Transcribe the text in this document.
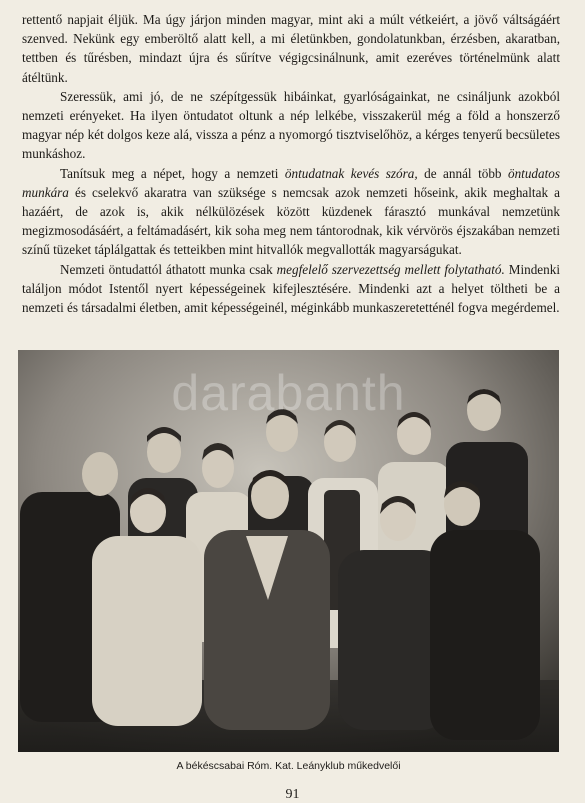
rettentő napjait éljük. Ma úgy járjon minden magyar, mint aki a múlt vétkeiért, a jövő váltságáért szenved. Nekünk egy emberöltő alatt kell, a mi életünkben, gondolatunkban, érzésben, akaratban, tettben és tűrésben, mindazt újra és sűrítve végigcsinálnunk, amit ezeréves történelmünk alatt átéltünk.

Szeressük, ami jó, de ne szépítgessük hibáinkat, gyarlóságainkat, ne csináljunk azokból nemzeti erényeket. Ha ilyen öntudatot oltunk a nép lelkébe, visszakerül még a föld a honszerző magyar nép két dolgos keze alá, vissza a pénz a nyomorgó tisztviselőhöz, a kérges tenyerű becsületes munkáshoz.

Tanítsuk meg a népet, hogy a nemzeti öntudatnak kevés szóra, de annál több öntudatos munkára és cselekvő akaratra van szüksége s nemcsak azok nemzeti hőseink, akik meghaltak a hazáért, de azok is, akik nélkülözések között küzdenek fárasztó munkával nemzetünk megizmosodásáért, a feltámadásért, kik soha meg nem tántorodnak, kik vérvörös éjszakában nemzeti színű tüzeket táplálgattak és tetteikben mint hitvallók megvallották magyarságukat.

Nemzeti öntudattól áthatott munka csak megfelelő szervezettség mellett folytatható. Mindenki találjon módot Istentől nyert képességeinek kifejlesztésére. Mindenki azt a helyet töltheti be a nemzeti és társadalmi életben, amit képességeinél, méginkább munkaszeretetténél fogva megérdemel.

darabanth
A békéscsabai Róm. Kat. Leányklub műkedvelői
91
